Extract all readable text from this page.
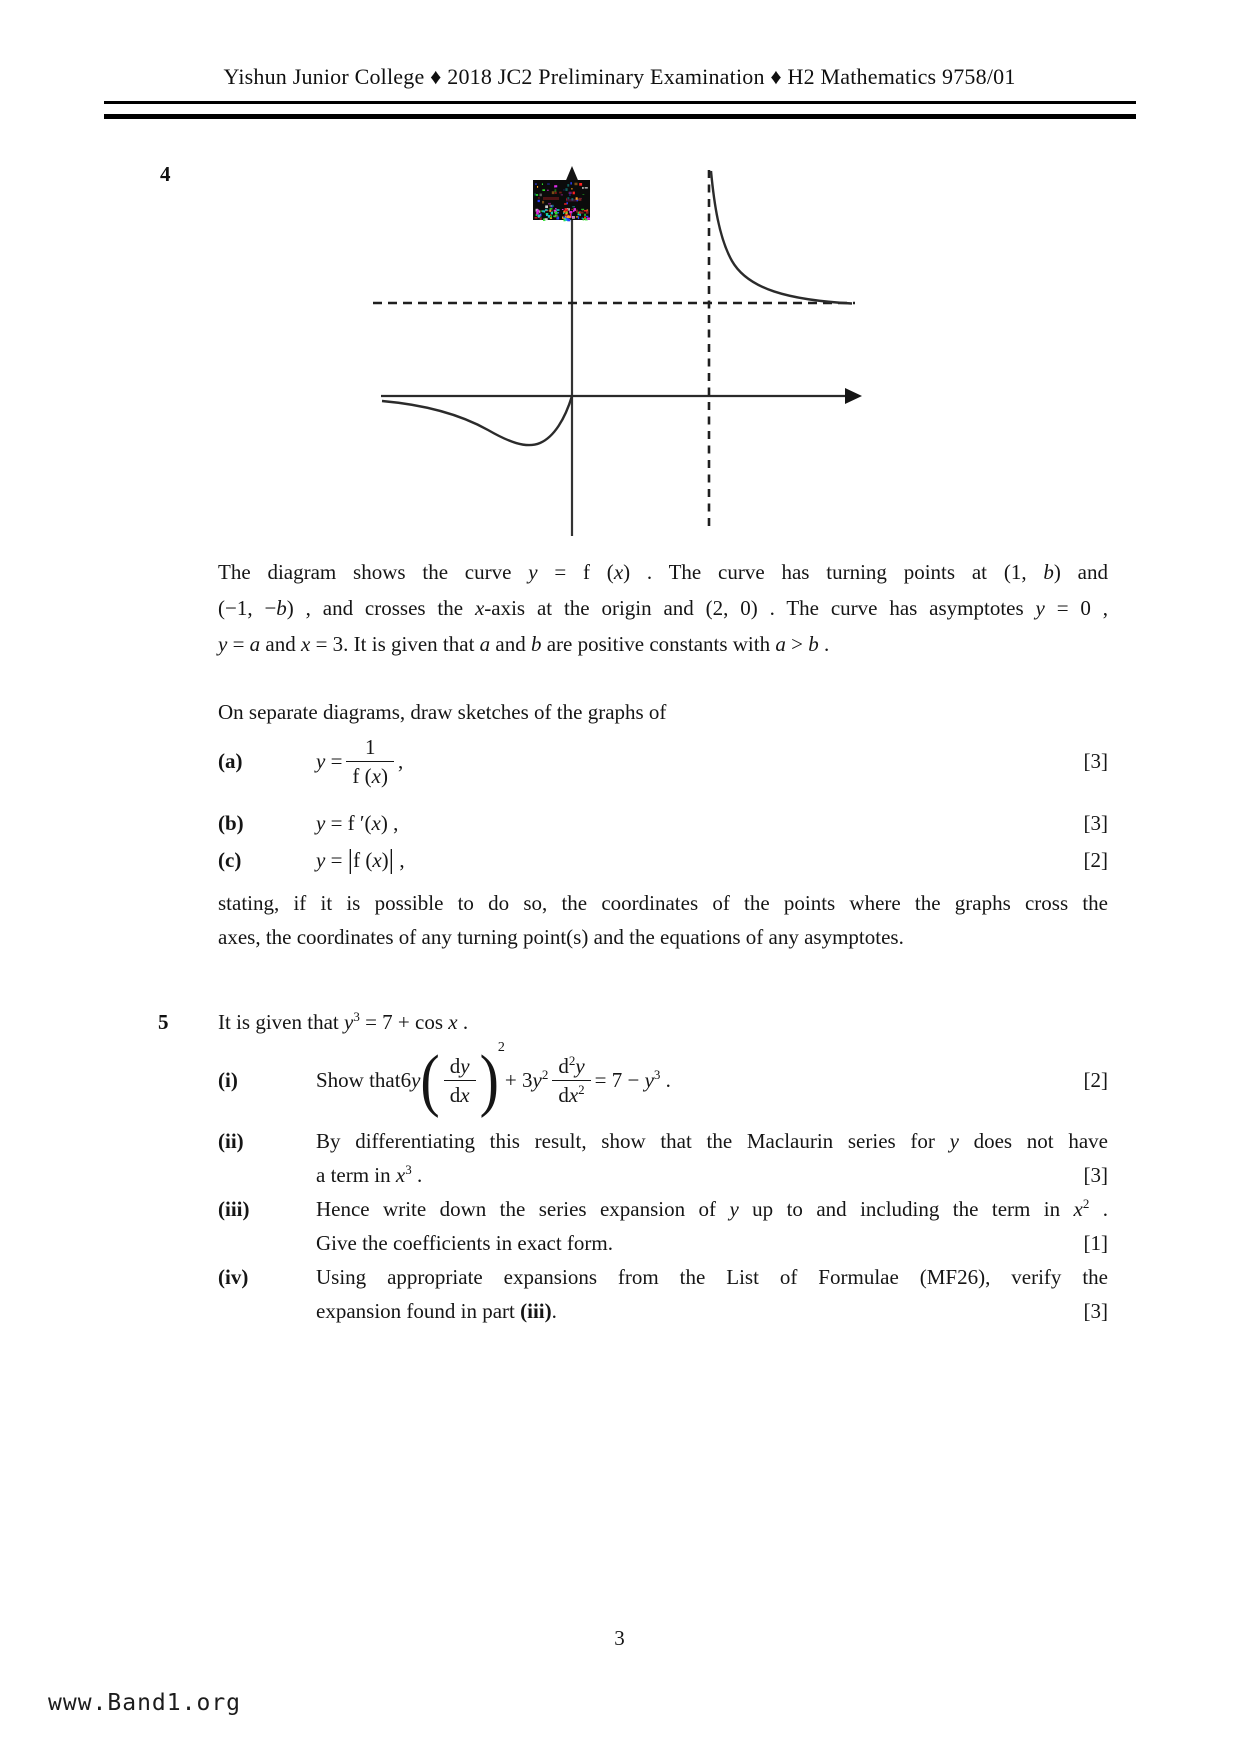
Yishun Junior College ♦ 2018 JC2 Preliminary Examination ♦ H2 Mathematics 9758/01
4
The diagram shows the curve y = f (x) . The curve has turning points at (1, b) and
(−1, −b) , and crosses the x-axis at the origin and (2, 0) . The curve has asymptotes y = 0 ,
y = a and x = 3. It is given that a and b are positive constants with a > b .
On separate diagrams, draw sketches of the graphs of
(a)	$y = \frac{1}{f (x)}$ ,	[3]
(b)	y = f ′(x) ,	[3]
(c)	y = |f (x)| ,	[2]
stating, if it is possible to do so, the coordinates of the points where the graphs cross the
axes, the coordinates of any turning point(s) and the equations of any asymptotes.
5 It is given that $y^3 = 7 + \cos x$ .
(i)	Show that 6y ( $\frac{dy}{dx}$ ) 2
+ $3y^2 \frac{d^2y}{dx^2} = 7 - y^3$ .	[2]
(ii)	By differentiating this result, show that the Maclaurin series for y does not have
a term in $x^3$ .	[3]
(iii)	Hence write down the series expansion of y up to and including the term in $x^2$ .
Give the coefficients in exact form.	[1]
(iv)	Using appropriate expansions from the List of Formulae (MF26), verify the
expansion found in part (iii).	[3]
3
www.Band1.org
